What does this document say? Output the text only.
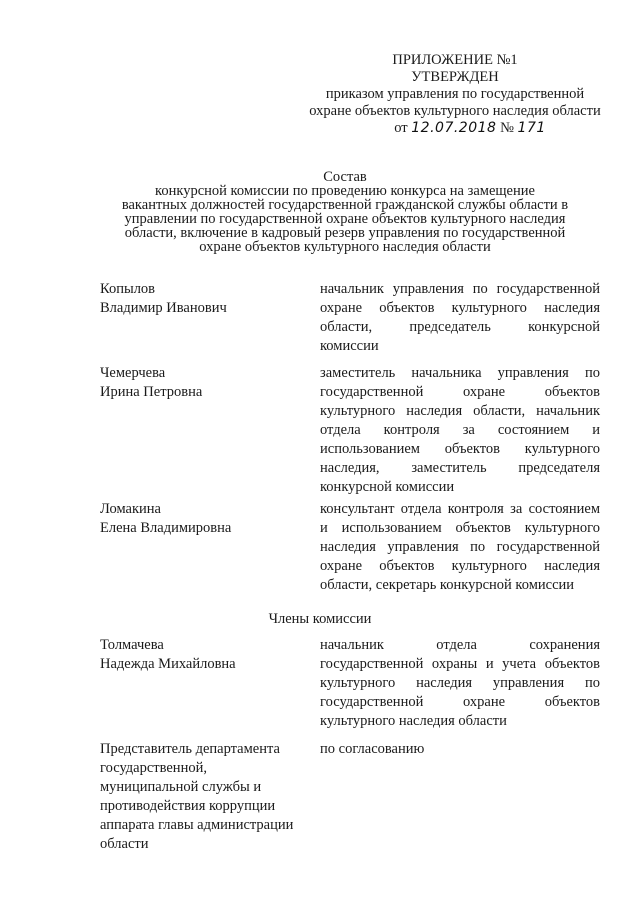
ПРИЛОЖЕНИЕ №1
УТВЕРЖДЕН
приказом управления по государственной
охране объектов культурного наследия области
от 12.07.2018 № 171
Состав
конкурсной комиссии по проведению конкурса на замещение
вакантных должностей государственной гражданской службы области в
управлении по государственной охране объектов культурного наследия
области, включение в кадровый резерв управления по государственной
охране объектов культурного наследия области
Копылов
Владимир Иванович
начальник управления по государственной
охране объектов культурного наследия
области, председатель конкурсной
комиссии
Чемерчева
Ирина Петровна
заместитель начальника управления по
государственной охране объектов
культурного наследия области, начальник
отдела контроля за состоянием и
использованием объектов культурного
наследия, заместитель председателя
конкурсной комиссии
Ломакина
Елена Владимировна
консультант отдела контроля за состоянием
и использованием объектов культурного
наследия управления по государственной
охране объектов культурного наследия
области, секретарь конкурсной комиссии
Члены комиссии
Толмачева
Надежда Михайловна
начальник отдела сохранения
государственной охраны и учета объектов
культурного наследия управления по
государственной охране объектов
культурного наследия области
Представитель департамента
государственной,
муниципальной службы и
противодействия коррупции
аппарата главы администрации
области
по согласованию
